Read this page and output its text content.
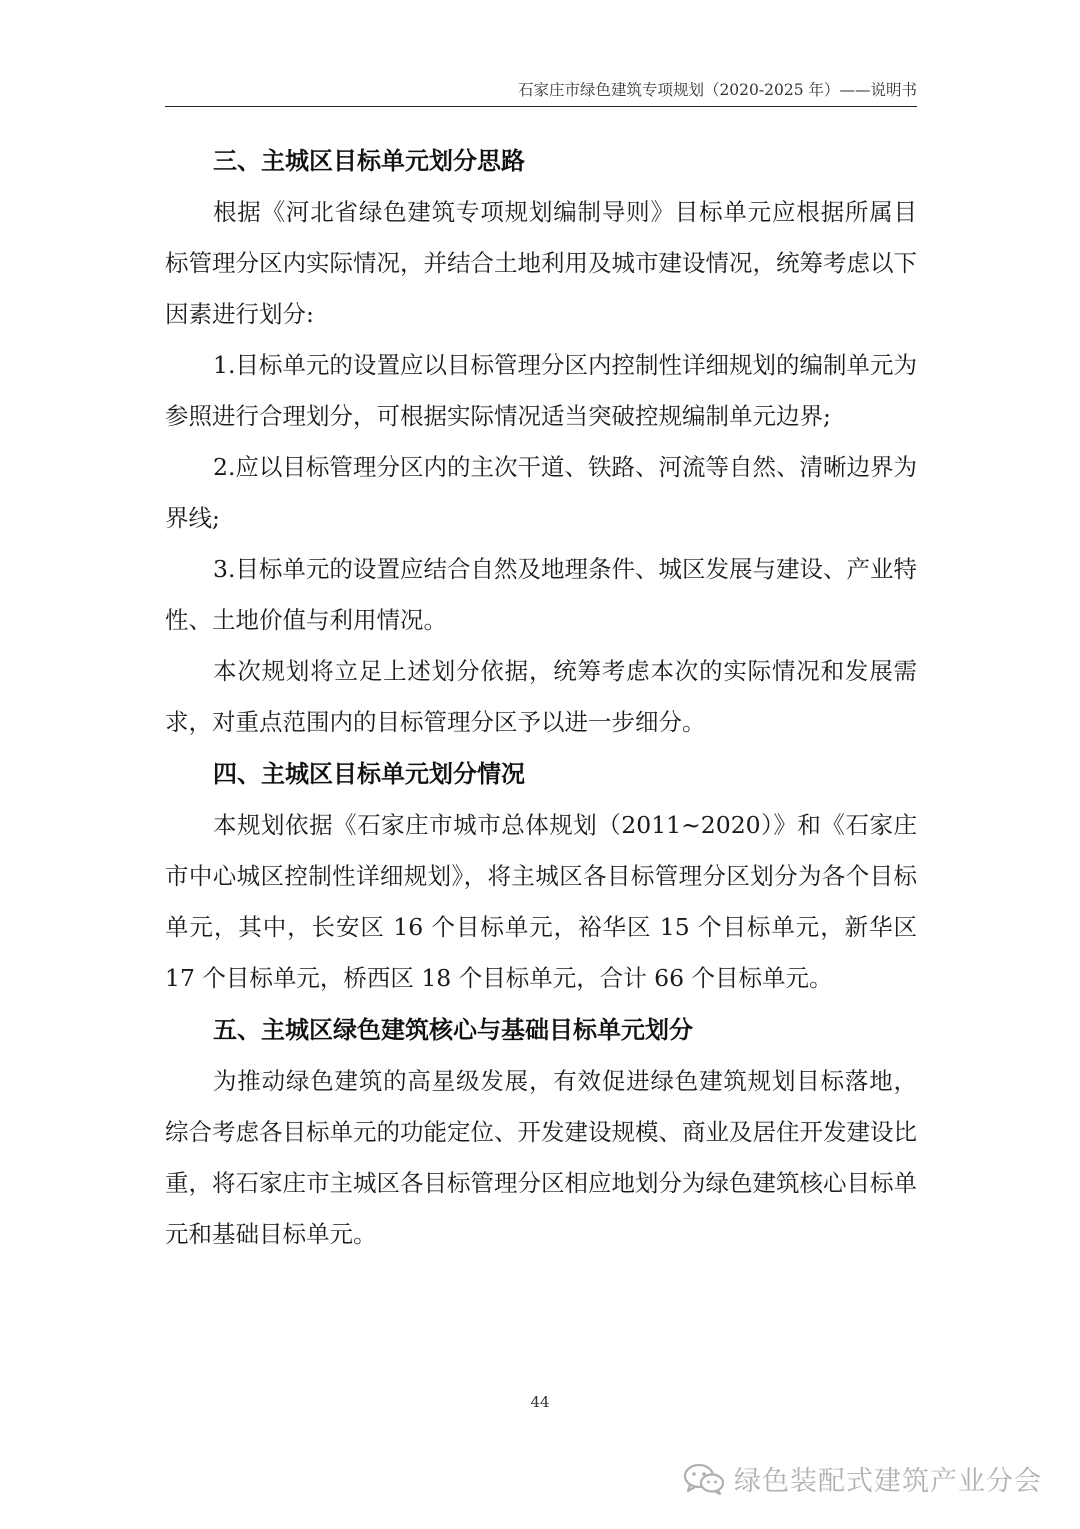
石家庄市绿色建筑专项规划（2020-2025 年）——说明书
三、主城区目标单元划分思路

根据《河北省绿色建筑专项规划编制导则》目标单元应根据所属目标管理分区内实际情况，并结合土地利用及城市建设情况，统筹考虑以下因素进行划分:

1.目标单元的设置应以目标管理分区内控制性详细规划的编制单元为参照进行合理划分，可根据实际情况适当突破控规编制单元边界;

2.应以目标管理分区内的主次干道、铁路、河流等自然、清晰边界为界线;

3.目标单元的设置应结合自然及地理条件、城区发展与建设、产业特性、土地价值与利用情况。

本次规划将立足上述划分依据，统筹考虑本次的实际情况和发展需求，对重点范围内的目标管理分区予以进一步细分。

四、主城区目标单元划分情况

本规划依据《石家庄市城市总体规划（2011~2020）》和《石家庄市中心城区控制性详细规划》，将主城区各目标管理分区划分为各个目标单元，其中，长安区 16 个目标单元，裕华区 15 个目标单元，新华区 17 个目标单元，桥西区 18 个目标单元，合计 66 个目标单元。

五、主城区绿色建筑核心与基础目标单元划分

为推动绿色建筑的高星级发展，有效促进绿色建筑规划目标落地，综合考虑各目标单元的功能定位、开发建设规模、商业及居住开发建设比重，将石家庄市主城区各目标管理分区相应地划分为绿色建筑核心目标单元和基础目标单元。

44
绿色装配式建筑产业分会
